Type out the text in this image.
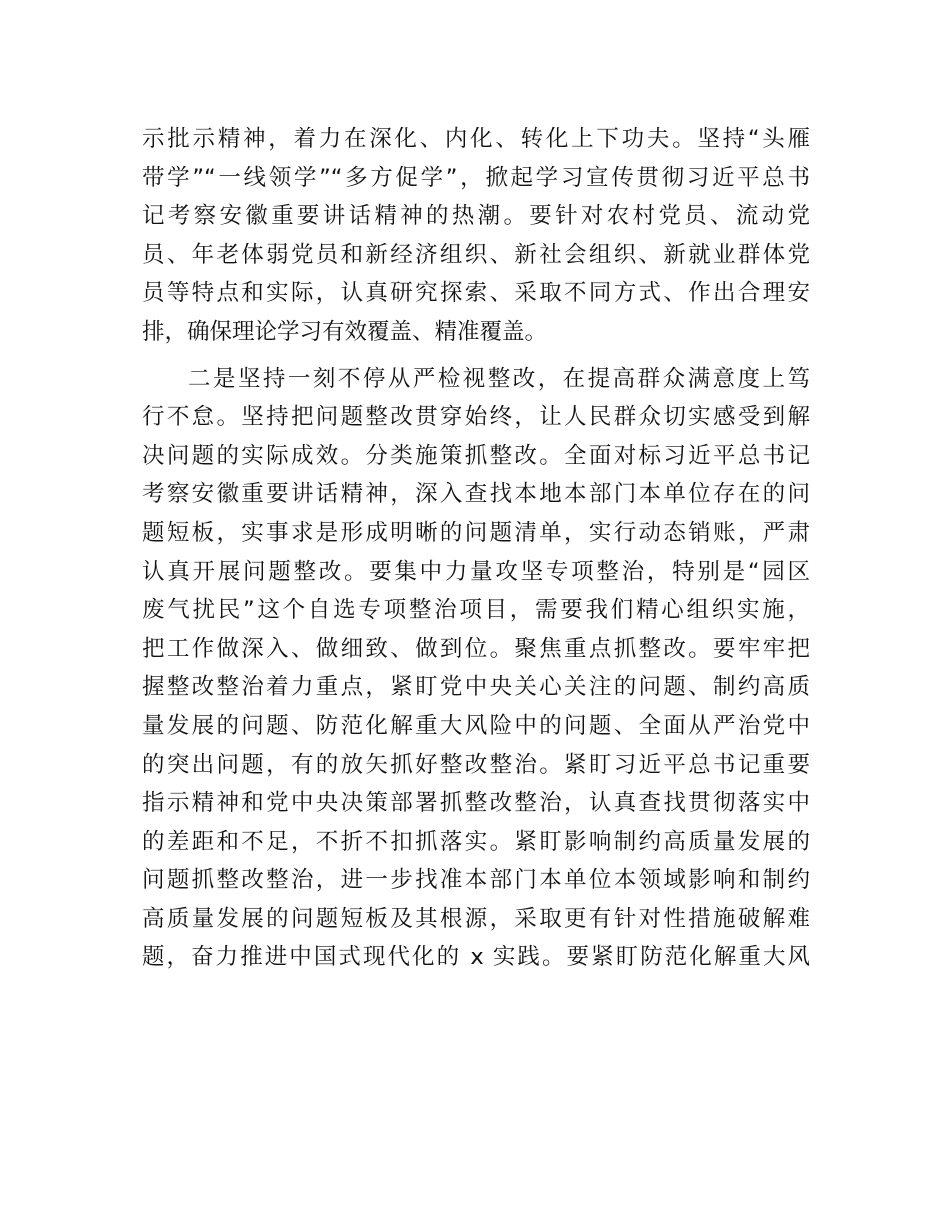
示批示精神，着力在深化、内化、转化上下功夫。坚持“头雁
带学”“一线领学”“多方促学”，掀起学习宣传贯彻习近平总书
记考察安徽重要讲话精神的热潮。要针对农村党员、流动党
员、年老体弱党员和新经济组织、新社会组织、新就业群体党
员等特点和实际，认真研究探索、采取不同方式、作出合理安
排，确保理论学习有效覆盖、精准覆盖。
二是坚持一刻不停从严检视整改，在提高群众满意度上笃
行不怠。坚持把问题整改贯穿始终，让人民群众切实感受到解
决问题的实际成效。分类施策抓整改。全面对标习近平总书记
考察安徽重要讲话精神，深入查找本地本部门本单位存在的问
题短板，实事求是形成明晰的问题清单，实行动态销账，严肃
认真开展问题整改。要集中力量攻坚专项整治，特别是“园区
废气扰民”这个自选专项整治项目，需要我们精心组织实施，
把工作做深入、做细致、做到位。聚焦重点抓整改。要牢牢把
握整改整治着力重点，紧盯党中央关心关注的问题、制约高质
量发展的问题、防范化解重大风险中的问题、全面从严治党中
的突出问题，有的放矢抓好整改整治。紧盯习近平总书记重要
指示精神和党中央决策部署抓整改整治，认真查找贯彻落实中
的差距和不足，不折不扣抓落实。紧盯影响制约高质量发展的
问题抓整改整治，进一步找准本部门本单位本领域影响和制约
高质量发展的问题短板及其根源，采取更有针对性措施破解难
题，奋力推进中国式现代化的 x 实践。要紧盯防范化解重大风
